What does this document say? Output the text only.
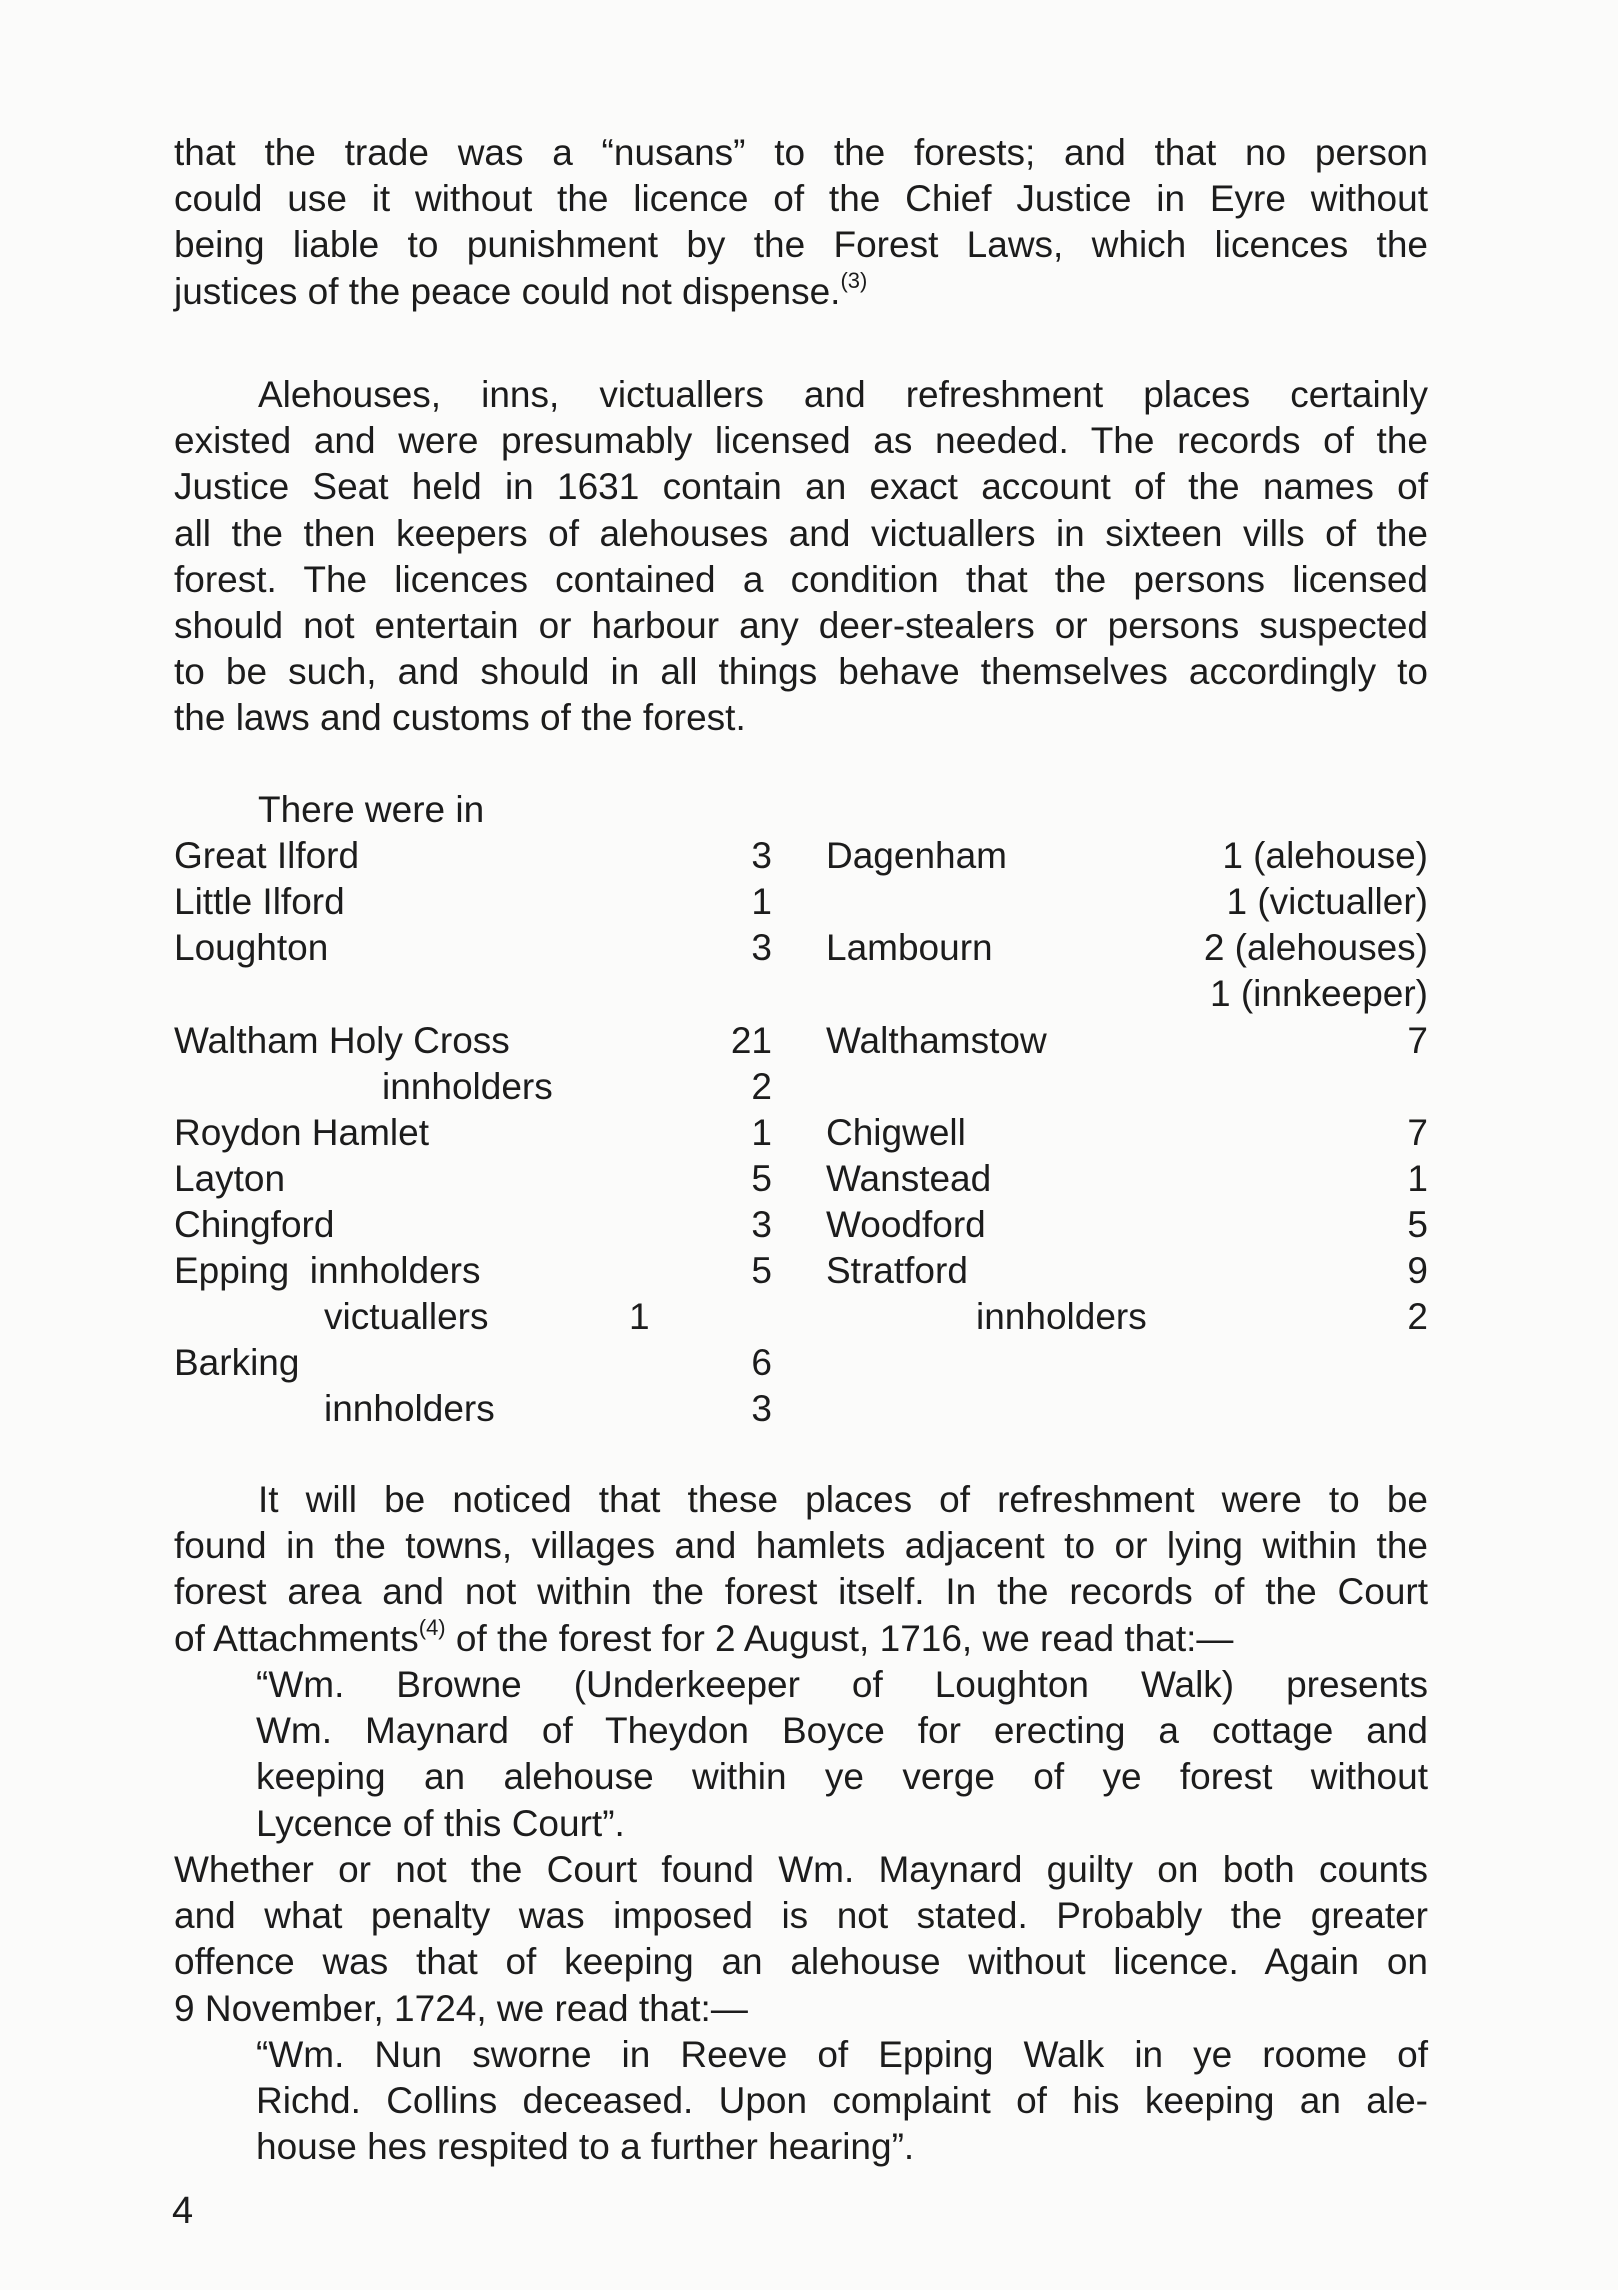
that the trade was a “nusans” to the forests; and that no person
could use it without the licence of the Chief Justice in Eyre without
being liable to punishment by the Forest Laws, which licences the
justices of the peace could not dispense.$^{(3)}$
Alehouses, inns, victuallers and refreshment places certainly
existed and were presumably licensed as needed. The records of the
Justice Seat held in 1631 contain an exact account of the names of
all the then keepers of alehouses and victuallers in sixteen vills of the
forest. The licences contained a condition that the persons licensed
should not entertain or harbour any deer-stealers or persons suspected
to be such, and should in all things behave themselves accordingly to
the laws and customs of the forest.
There were in
Great Ilford
Little Ilford
Loughton
Waltham Holy Cross
innholders
Roydon Hamlet
Layton
Chingford
Epping  innholders
victuallers
Barking
innholders
3
1
3
21
2
1
5
3
5
1
6
3
Dagenham
Lambourn
Walthamstow
Chigwell
Wanstead
Woodford
Stratford
innholders
1 (alehouse)
1 (victualler)
2 (alehouses)
1 (innkeeper)
7
7
1
5
9
2
It will be noticed that these places of refreshment were to be
found in the towns, villages and hamlets adjacent to or lying within the
forest area and not within the forest itself. In the records of the Court
of Attachments$^{(4)}$ of the forest for 2 August, 1716, we read that:—
“Wm. Browne (Underkeeper of Loughton Walk) presents
Wm. Maynard of Theydon Boyce for erecting a cottage and
keeping an alehouse within ye verge of ye forest without
Lycence of this Court”.
Whether or not the Court found Wm. Maynard guilty on both counts
and what penalty was imposed is not stated. Probably the greater
offence was that of keeping an alehouse without licence. Again on
9 November, 1724, we read that:—
“Wm. Nun sworne in Reeve of Epping Walk in ye roome of
Richd. Collins deceased. Upon complaint of his keeping an ale-
house hes respited to a further hearing”.
4
